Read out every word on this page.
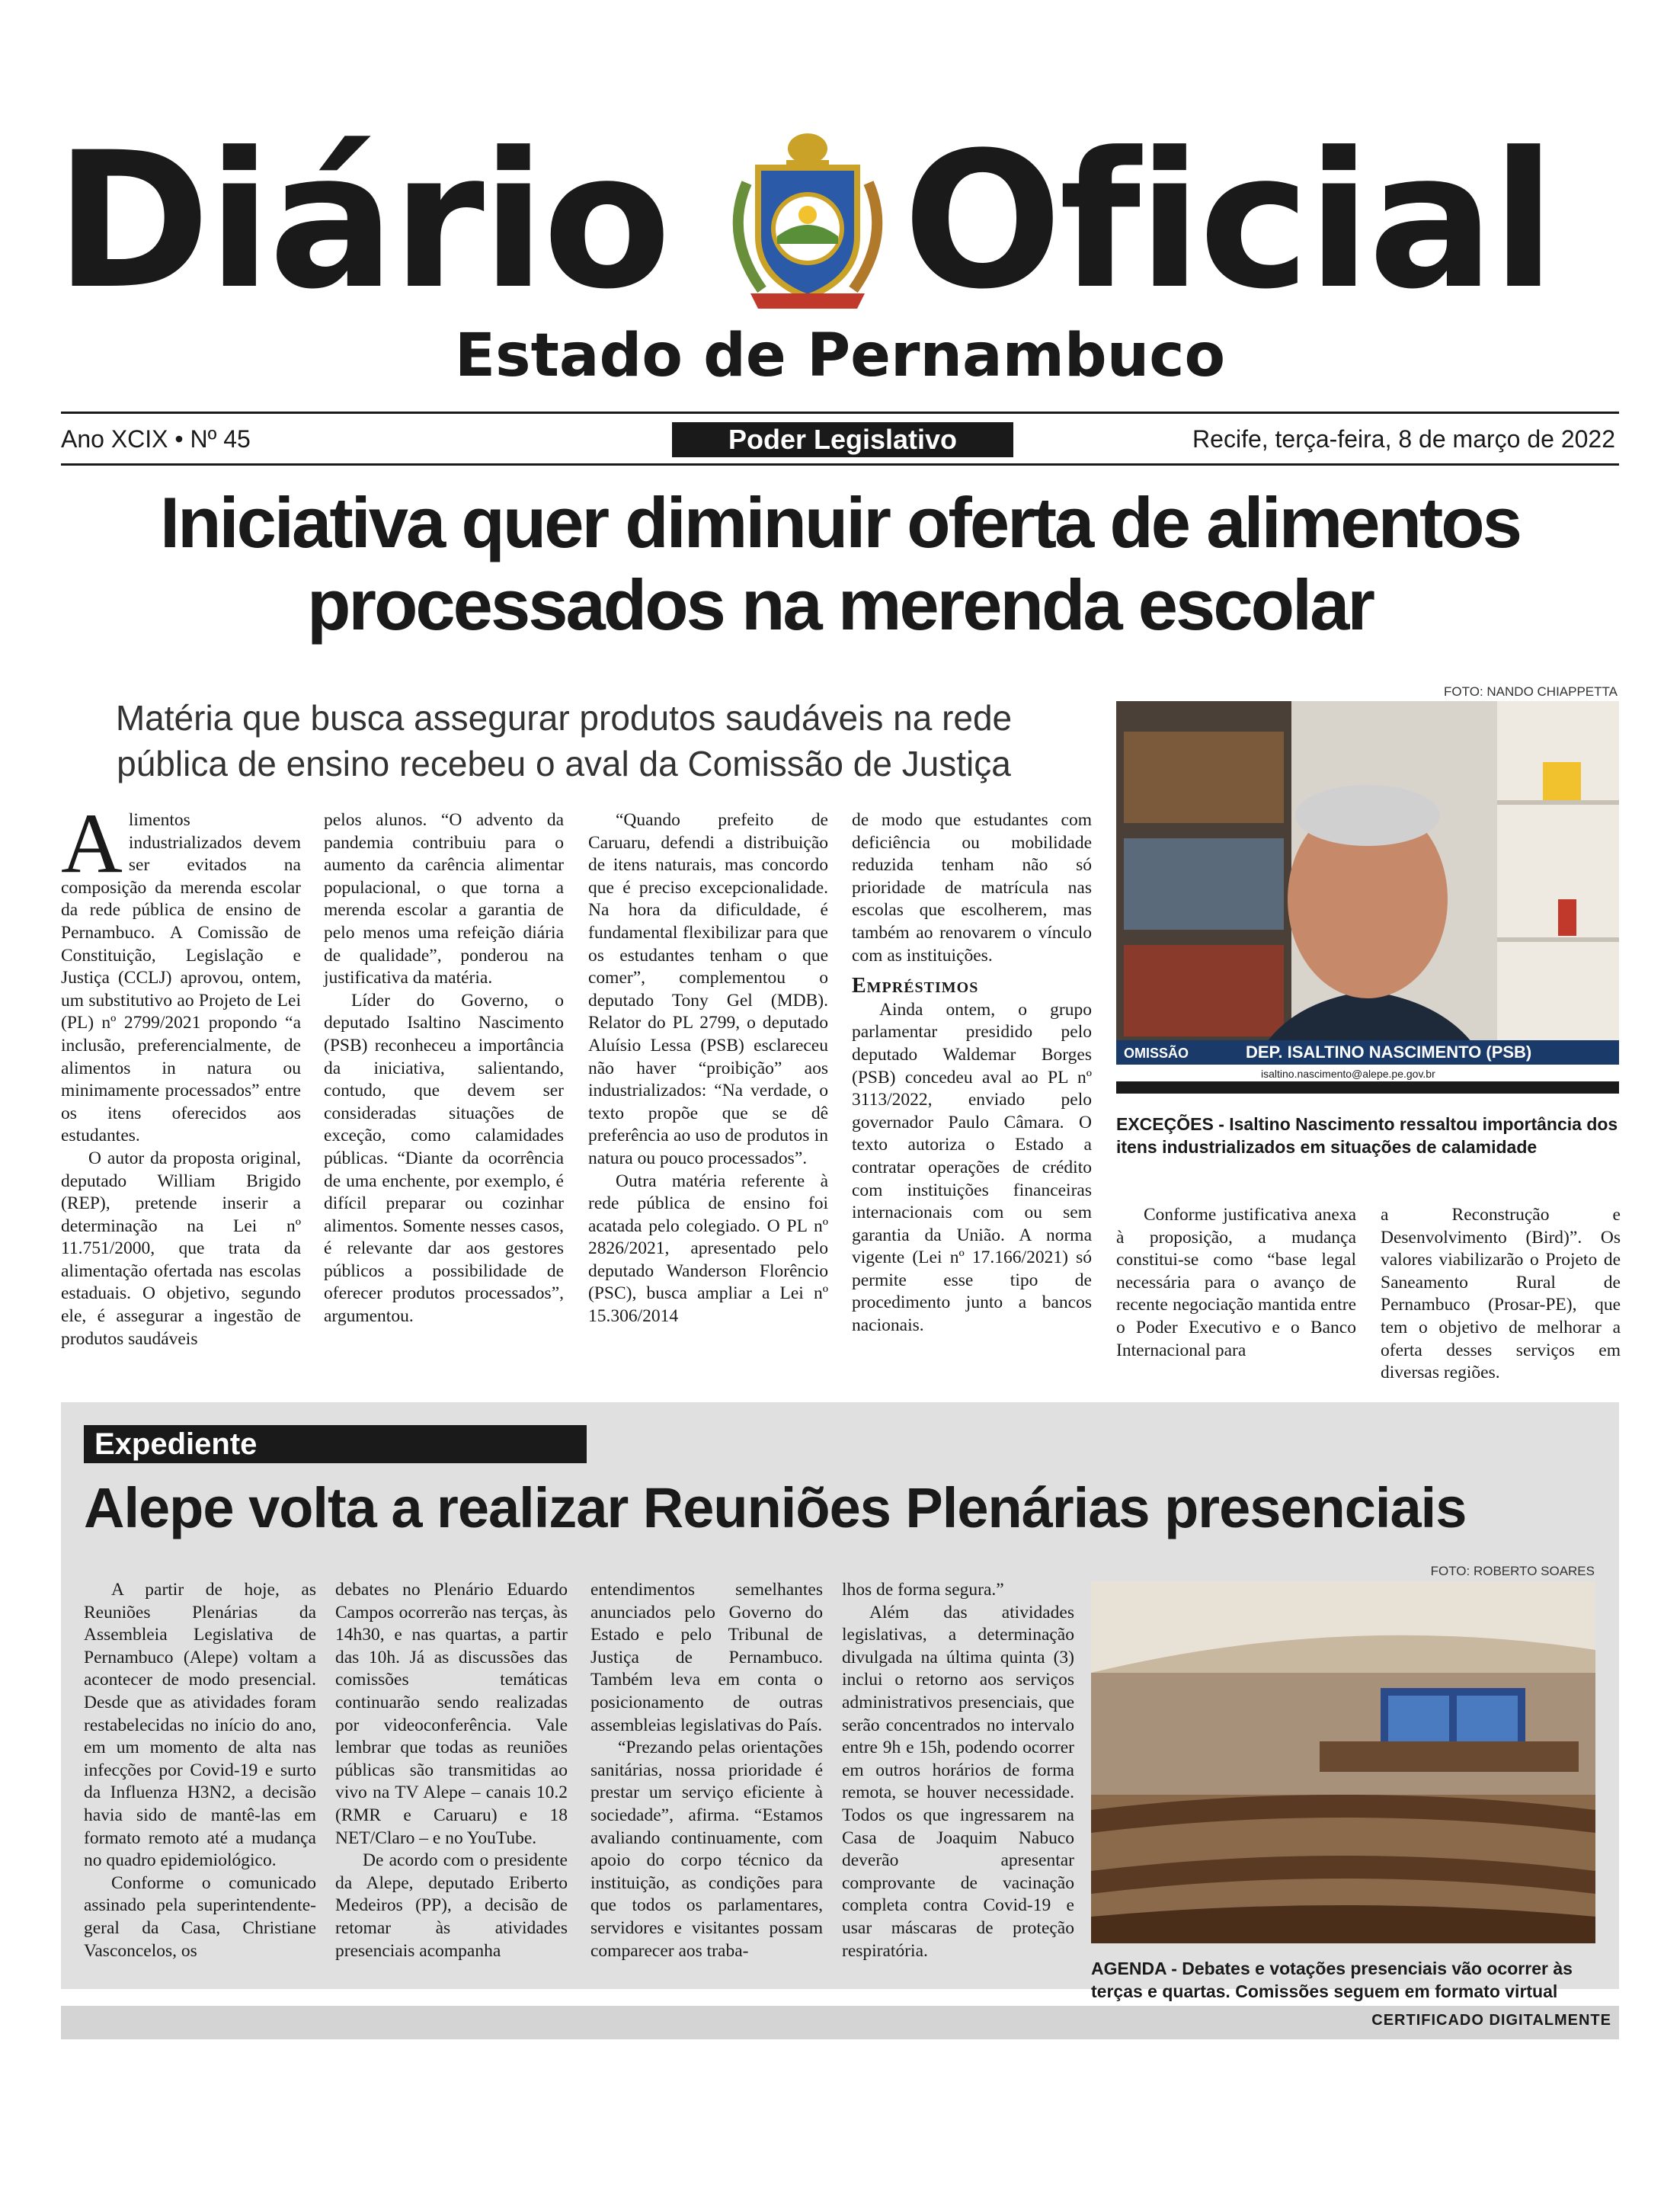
Diário Oficial
Estado de Pernambuco
Ano XCIX • Nº 45	Poder Legislativo	Recife, terça-feira, 8 de março de 2022
Iniciativa quer diminuir oferta de alimentos
processados na merenda escolar
Matéria que busca assegurar produtos saudáveis na rede
pública de ensino recebeu o aval da Comissão de Justiça

Alimentos industrializados devem ser evitados na composição da merenda escolar da rede pública de ensino de Pernambuco. A Comissão de Constituição, Legislação e Justiça (CCLJ) aprovou, ontem, um substitutivo ao Projeto de Lei (PL) nº 2799/2021 propondo “a inclusão, preferencialmente, de alimentos in natura ou minimamente processados” entre os itens oferecidos aos estudantes.

O autor da proposta original, deputado William Brigido (REP), pretende inserir a determinação na Lei nº 11.751/2000, que trata da alimentação ofertada nas escolas estaduais. O objetivo, segundo ele, é assegurar a ingestão de produtos saudáveis

pelos alunos. “O advento da pandemia contribuiu para o aumento da carência alimentar populacional, o que torna a merenda escolar a garantia de pelo menos uma refeição diária de qualidade”, ponderou na justificativa da matéria.

Líder do Governo, o deputado Isaltino Nascimento (PSB) reconheceu a importância da iniciativa, salientando, contudo, que devem ser consideradas situações de exceção, como calamidades públicas. “Diante da ocorrência de uma enchente, por exemplo, é difícil preparar ou cozinhar alimentos. Somente nesses casos, é relevante dar aos gestores públicos a possibilidade de oferecer produtos processados”, argumentou.

“Quando prefeito de Caruaru, defendi a distribuição de itens naturais, mas concordo que é preciso excepcionalidade. Na hora da dificuldade, é fundamental flexibilizar para que os estudantes tenham o que comer”, complementou o deputado Tony Gel (MDB). Relator do PL 2799, o deputado Aluísio Lessa (PSB) esclareceu não haver “proibição” aos industrializados: “Na verdade, o texto propõe que se dê preferência ao uso de produtos in natura ou pouco processados”.

Outra matéria referente à rede pública de ensino foi acatada pelo colegiado. O PL nº 2826/2021, apresentado pelo deputado Wanderson Florêncio (PSC), busca ampliar a Lei nº 15.306/2014

de modo que estudantes com deficiência ou mobilidade reduzida tenham não só prioridade de matrícula nas escolas que escolherem, mas também ao renovarem o vínculo com as instituições.

Empréstimos

Ainda ontem, o grupo parlamentar presidido pelo deputado Waldemar Borges (PSB) concedeu aval ao PL nº 3113/2022, enviado pelo governador Paulo Câmara. O texto autoriza o Estado a contratar operações de crédito com instituições financeiras internacionais com ou sem garantia da União. A norma vigente (Lei nº 17.166/2021) só permite esse tipo de procedimento junto a bancos nacionais.

FOTO: NANDO CHIAPPETTA
OMISSÃO	DEP. ISALTINO NASCIMENTO (PSB)
isaltino.nascimento@alepe.pe.gov.br
EXCEÇÕES - Isaltino Nascimento ressaltou importância dos itens industrializados em situações de calamidade

Conforme justificativa anexa à proposição, a mudança constitui-se como “base legal necessária para o avanço de recente negociação mantida entre o Poder Executivo e o Banco Internacional para

a Reconstrução e Desenvolvimento (Bird)”. Os valores viabilizarão o Projeto de Saneamento Rural de Pernambuco (Prosar-PE), que tem o objetivo de melhorar a oferta desses serviços em diversas regiões.

Expediente
Alepe volta a realizar Reuniões Plenárias presenciais

A partir de hoje, as Reuniões Plenárias da Assembleia Legislativa de Pernambuco (Alepe) voltam a acontecer de modo presencial. Desde que as atividades foram restabelecidas no início do ano, em um momento de alta nas infecções por Covid-19 e surto da Influenza H3N2, a decisão havia sido de mantê-las em formato remoto até a mudança no quadro epidemiológico.

Conforme o comunicado assinado pela superintendente-geral da Casa, Christiane Vasconcelos, os

debates no Plenário Eduardo Campos ocorrerão nas terças, às 14h30, e nas quartas, a partir das 10h. Já as discussões das comissões temáticas continuarão sendo realizadas por videoconferência. Vale lembrar que todas as reuniões públicas são transmitidas ao vivo na TV Alepe – canais 10.2 (RMR e Caruaru) e 18 NET/Claro – e no YouTube.

De acordo com o presidente da Alepe, deputado Eriberto Medeiros (PP), a decisão de retomar às atividades presenciais acompanha

entendimentos semelhantes anunciados pelo Governo do Estado e pelo Tribunal de Justiça de Pernambuco. Também leva em conta o posicionamento de outras assembleias legislativas do País.

“Prezando pelas orientações sanitárias, nossa prioridade é prestar um serviço eficiente à sociedade”, afirma. “Estamos avaliando continuamente, com apoio do corpo técnico da instituição, as condições para que todos os parlamentares, servidores e visitantes possam comparecer aos traba-

lhos de forma segura.”

Além das atividades legislativas, a determinação divulgada na última quinta (3) inclui o retorno aos serviços administrativos presenciais, que serão concentrados no intervalo entre 9h e 15h, podendo ocorrer em outros horários de forma remota, se houver necessidade. Todos os que ingressarem na Casa de Joaquim Nabuco deverão apresentar comprovante de vacinação completa contra Covid-19 e usar máscaras de proteção respiratória.

FOTO: ROBERTO SOARES
AGENDA - Debates e votações presenciais vão ocorrer às terças e quartas. Comissões seguem em formato virtual
CERTIFICADO DIGITALMENTE
